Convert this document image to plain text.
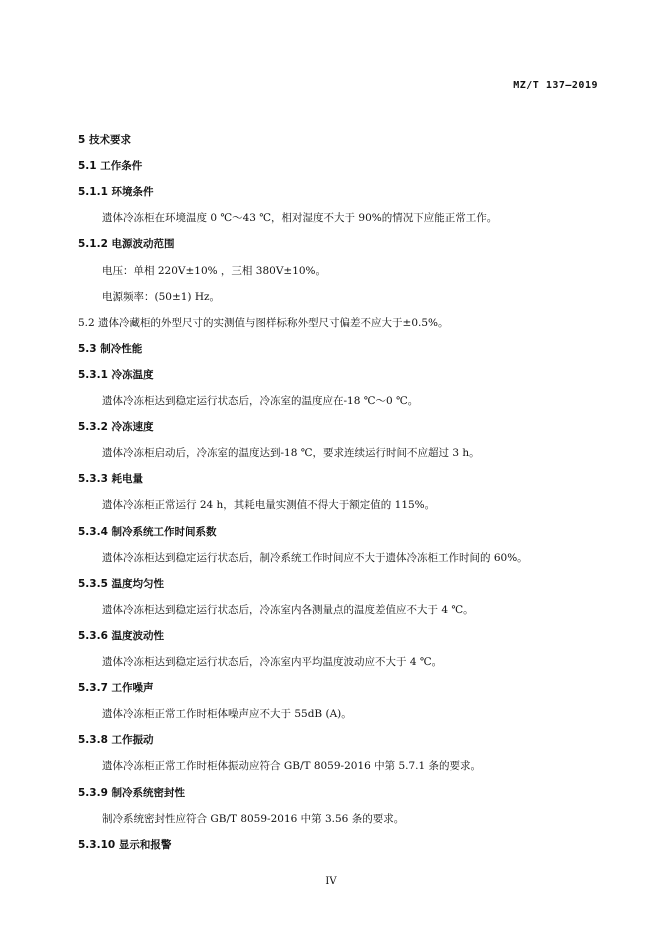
MZ/T 137—2019
5 技术要求
5.1 工作条件
5.1.1 环境条件
遗体冷冻柜在环境温度 0 ℃～43 ℃，相对湿度不大于 90%的情况下应能正常工作。
5.1.2 电源波动范围
电压：单相 220V±10% ，三相 380V±10%。
电源频率：(50±1) Hz。
5.2 遗体冷藏柜的外型尺寸的实测值与图样标称外型尺寸偏差不应大于±0.5%。
5.3 制冷性能
5.3.1 冷冻温度
遗体冷冻柜达到稳定运行状态后，冷冻室的温度应在-18 ℃～0 ℃。
5.3.2 冷冻速度
遗体冷冻柜启动后，冷冻室的温度达到-18 ℃，要求连续运行时间不应超过 3 h。
5.3.3 耗电量
遗体冷冻柜正常运行 24 h，其耗电量实测值不得大于额定值的 115%。
5.3.4 制冷系统工作时间系数
遗体冷冻柜达到稳定运行状态后，制冷系统工作时间应不大于遗体冷冻柜工作时间的 60%。
5.3.5 温度均匀性
遗体冷冻柜达到稳定运行状态后，冷冻室内各测量点的温度差值应不大于 4 ℃。
5.3.6 温度波动性
遗体冷冻柜达到稳定运行状态后，冷冻室内平均温度波动应不大于 4 ℃。
5.3.7 工作噪声
遗体冷冻柜正常工作时柜体噪声应不大于 55dB (A)。
5.3.8 工作振动
遗体冷冻柜正常工作时柜体振动应符合 GB/T 8059-2016 中第 5.7.1 条的要求。
5.3.9 制冷系统密封性
制冷系统密封性应符合 GB/T 8059-2016 中第 3.56 条的要求。
5.3.10 显示和报警
IV
